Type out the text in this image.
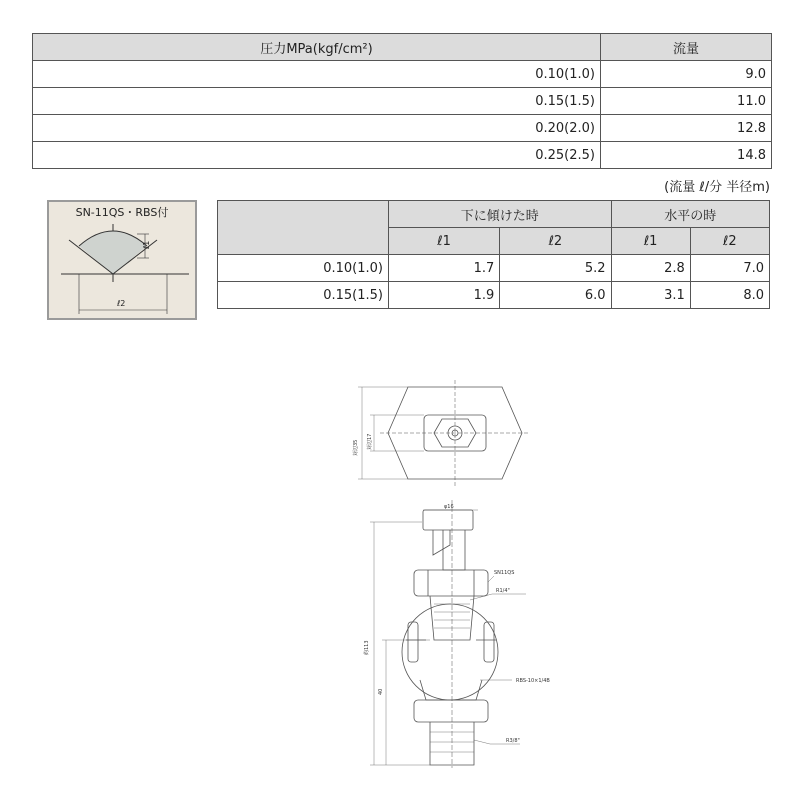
圧力MPa(kgf/cm²)	流量
0.10(1.0)	9.0
0.15(1.5)	11.0
0.20(2.0)	12.8
0.25(2.5)	14.8
(流量 ℓ/分 半径m)
SN-11QS・RBS付
ℓ1
ℓ2
	下に傾けた時		水平の時	
	ℓ1	ℓ2	ℓ1	ℓ2
0.10(1.0)	1.7	5.2	2.8	7.0
0.15(1.5)	1.9	6.0	3.1	8.0
対辺35 対辺17
φ16
SN11QS
R1/4"
約113
40
RBS-10×1/4B
R3/8"
